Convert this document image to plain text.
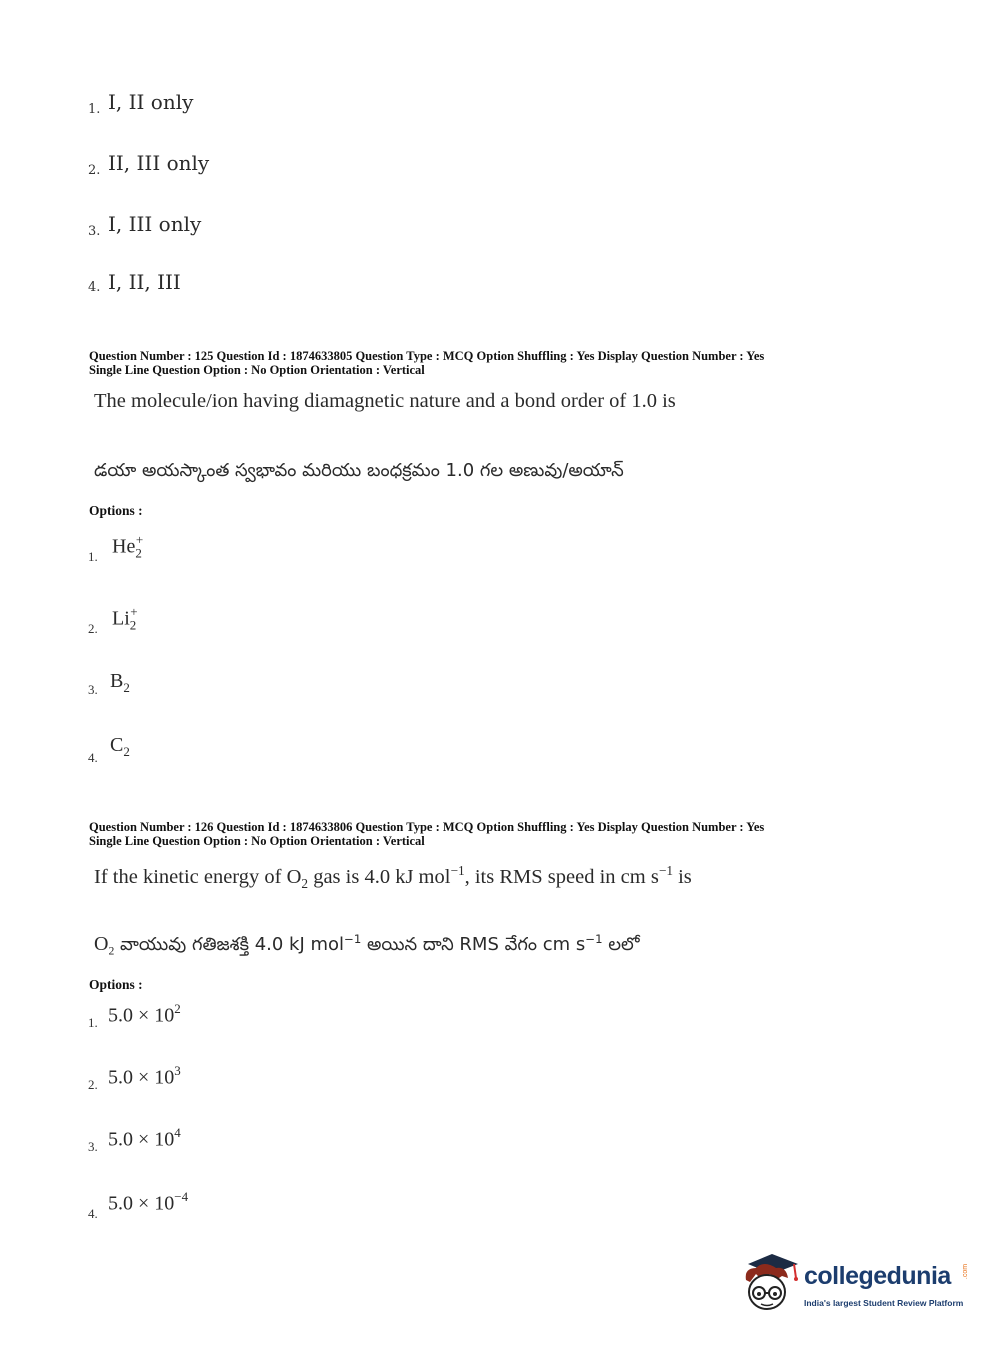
1. I, II only
2. II, III only
3. I, III only
4. I, II, III
Question Number : 125 Question Id : 1874633805 Question Type : MCQ Option Shuffling : Yes Display Question Number : Yes
Single Line Question Option : No Option Orientation : Vertical
The molecule/ion having diamagnetic nature and a bond order of 1.0 is
డయా అయస్కాంత స్వభావం మరియు బంధక్రమం 1.0 గల అణువు/అయాన్
Options :
1. $He_2^+$
2. $Li_2^+$
3. $B_2$
4.
$C_2$
Question Number : 126 Question Id : 1874633806 Question Type : MCQ Option Shuffling : Yes Display Question Number : Yes
Single Line Question Option : No Option Orientation : Vertical
If the kinetic energy of $O_2$ gas is 4.0 kJ mol$^{-1}$, its RMS speed in cm $s^{-1}$ is
$O_2$ వాయువు గతిజశక్తి 4.0 kJ mol$^{-1}$ అయిన దాని RMS వేగం cm $s^{-1}$ లలో
Options :
1. $5.0 \times 10^2$
2. $5.0 \times 10^3$
3. $5.0 \times 10^4$
4. $5.0 \times 10^{-4}$
collegedunia .com
India's largest Student Review Platform
